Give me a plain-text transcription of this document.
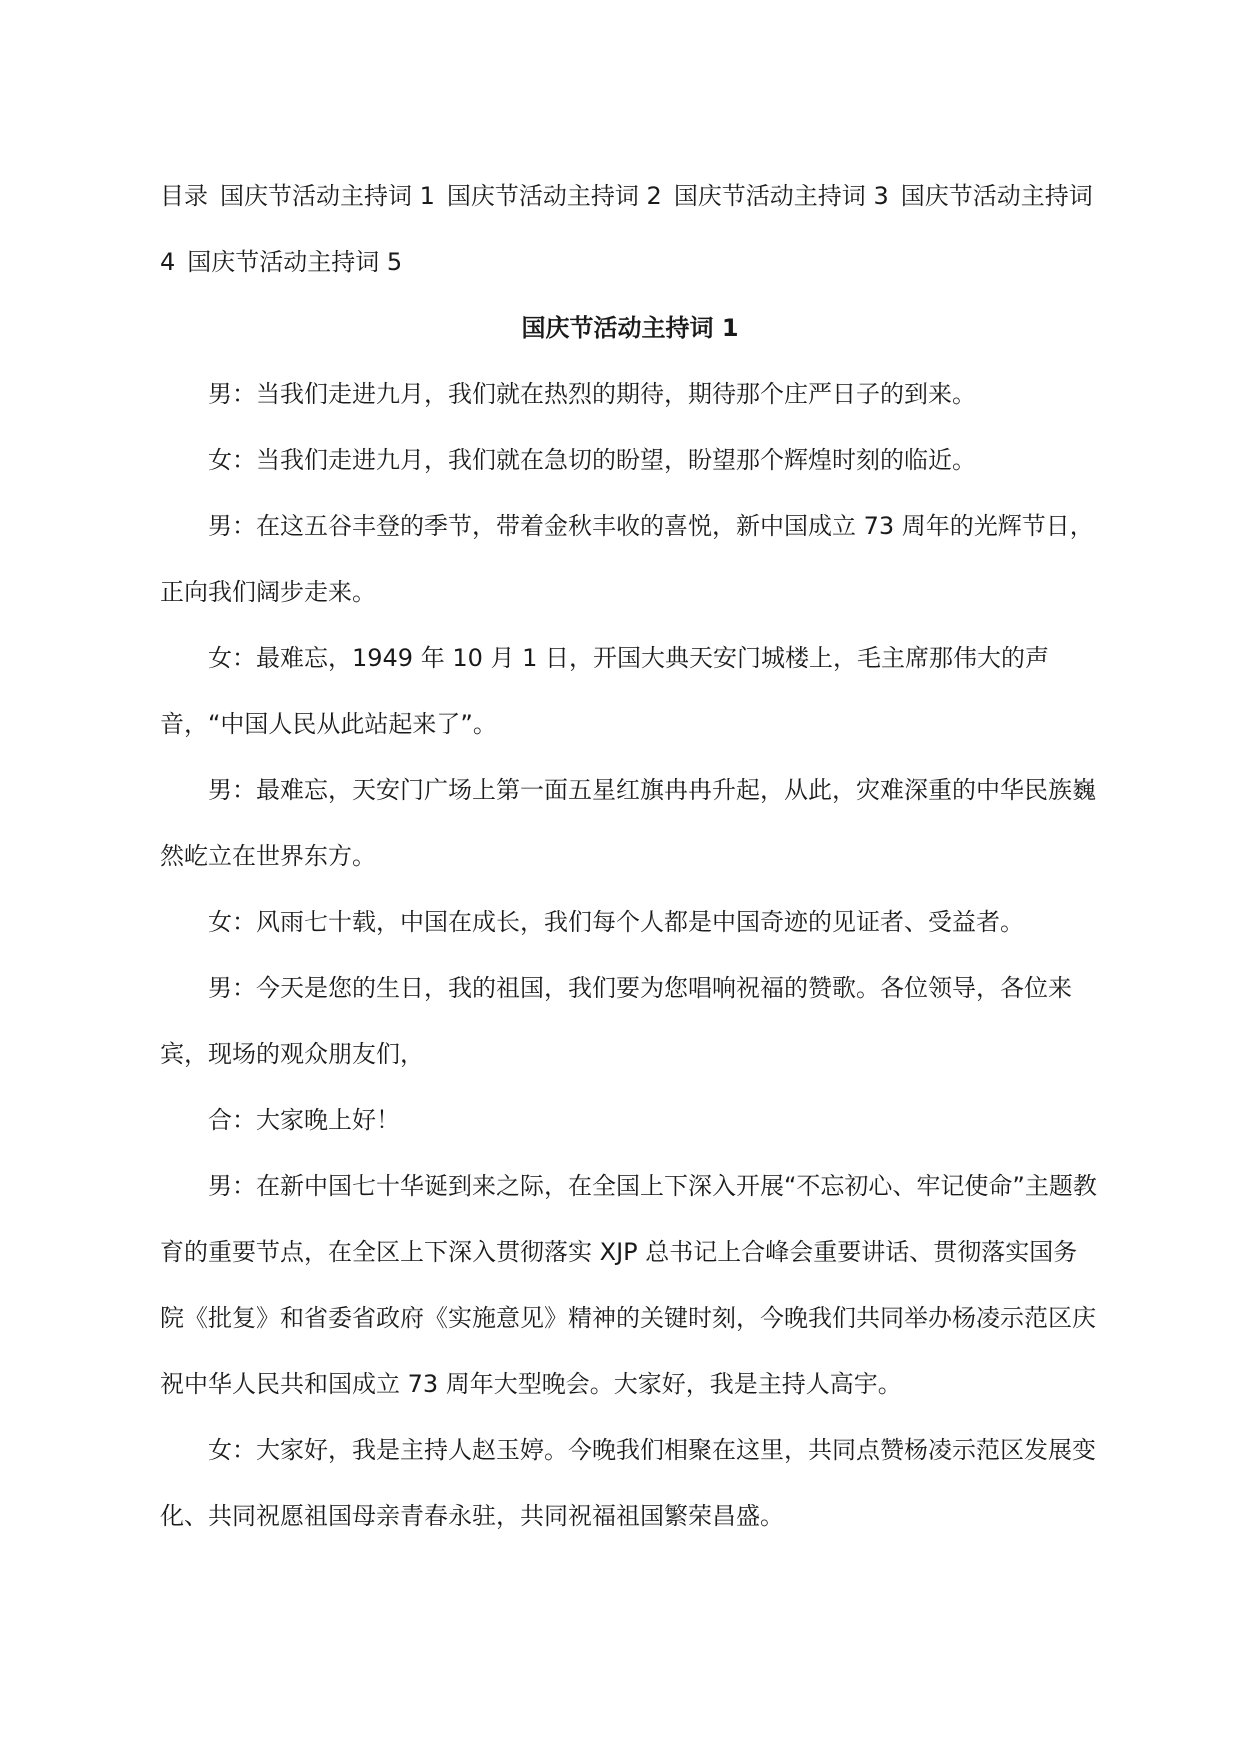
目录 国庆节活动主持词 1 国庆节活动主持词 2 国庆节活动主持词 3 国庆节活动主持词 4 国庆节活动主持词 5

国庆节活动主持词 1

男：当我们走进九月，我们就在热烈的期待，期待那个庄严日子的到来。

女：当我们走进九月，我们就在急切的盼望，盼望那个辉煌时刻的临近。

男：在这五谷丰登的季节，带着金秋丰收的喜悦，新中国成立 73 周年的光辉节日，正向我们阔步走来。

女：最难忘，1949 年 10 月 1 日，开国大典天安门城楼上，毛主席那伟大的声音，“中国人民从此站起来了”。

男：最难忘，天安门广场上第一面五星红旗冉冉升起，从此，灾难深重的中华民族巍然屹立在世界东方。

女：风雨七十载，中国在成长，我们每个人都是中国奇迹的见证者、受益者。

男：今天是您的生日，我的祖国，我们要为您唱响祝福的赞歌。各位领导，各位来宾，现场的观众朋友们，

合：大家晚上好！

男：在新中国七十华诞到来之际，在全国上下深入开展“不忘初心、牢记使命”主题教育的重要节点，在全区上下深入贯彻落实 XJP 总书记上合峰会重要讲话、贯彻落实国务院《批复》和省委省政府《实施意见》精神的关键时刻，今晚我们共同举办杨凌示范区庆祝中华人民共和国成立 73 周年大型晚会。大家好，我是主持人高宇。

女：大家好，我是主持人赵玉婷。今晚我们相聚在这里，共同点赞杨凌示范区发展变化、共同祝愿祖国母亲青春永驻，共同祝福祖国繁荣昌盛。
